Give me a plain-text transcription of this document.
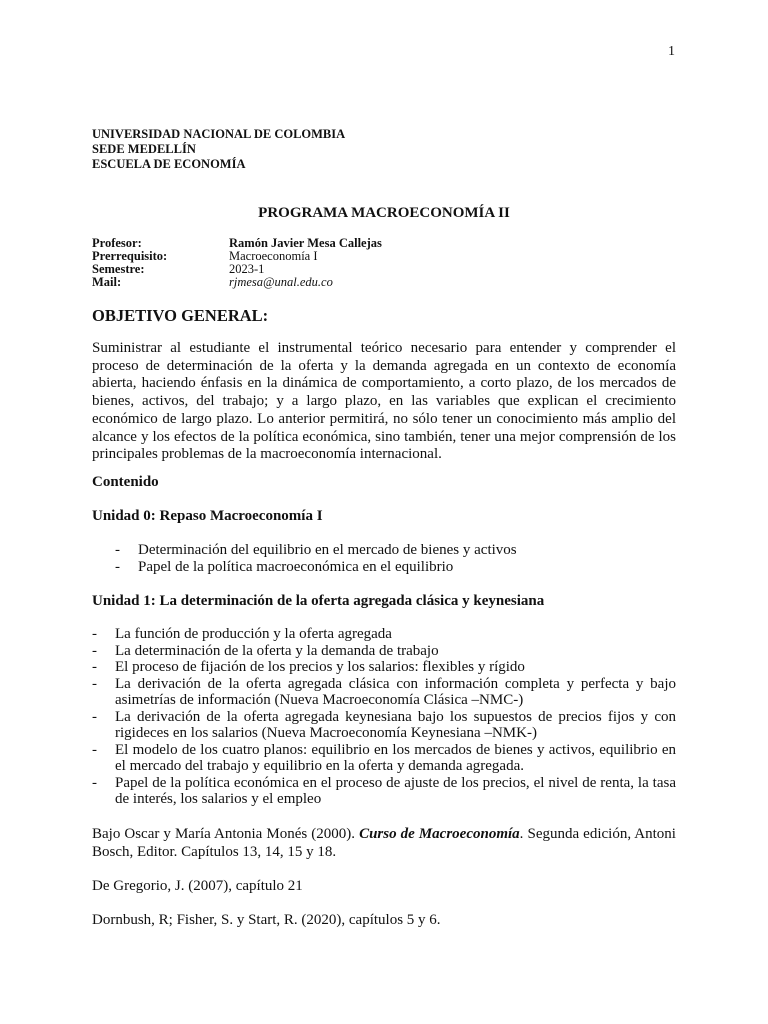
1
UNIVERSIDAD NACIONAL DE COLOMBIA
SEDE MEDELLÍN
ESCUELA DE ECONOMÍA
PROGRAMA MACROECONOMÍA II
Profesor:	Ramón Javier Mesa Callejas
Prerrequisito:	Macroeconomía I
Semestre:	2023-1
Mail:	rjmesa@unal.edu.co
OBJETIVO GENERAL:
Suministrar al estudiante el instrumental teórico necesario para entender y comprender el proceso de determinación de la oferta y la demanda agregada en un contexto de economía abierta, haciendo énfasis en la dinámica de comportamiento, a corto plazo, de los mercados de bienes, activos, del trabajo; y a largo plazo, en las variables que explican el crecimiento económico de largo plazo. Lo anterior permitirá, no sólo tener un conocimiento más amplio del alcance y los efectos de la política económica, sino también, tener una mejor comprensión de los principales problemas de la macroeconomía internacional.
Contenido
Unidad 0: Repaso Macroeconomía I
- Determinación del equilibrio en el mercado de bienes y activos
- Papel de la política macroeconómica en el equilibrio
Unidad 1: La determinación de la oferta agregada clásica y keynesiana
- La función de producción y la oferta agregada
- La determinación de la oferta y la demanda de trabajo
- El proceso de fijación de los precios y los salarios: flexibles y rígido
- La derivación de la oferta agregada clásica con información completa y perfecta y bajo asimetrías de información (Nueva Macroeconomía Clásica –NMC-)
- La derivación de la oferta agregada keynesiana bajo los supuestos de precios fijos y con rigideces en los salarios (Nueva Macroeconomía Keynesiana –NMK-)
- El modelo de los cuatro planos: equilibrio en los mercados de bienes y activos, equilibrio en el mercado del trabajo y equilibrio en la oferta y demanda agregada.
- Papel de la política económica en el proceso de ajuste de los precios, el nivel de renta, la tasa de interés, los salarios y el empleo
Bajo Oscar y María Antonia Monés (2000). Curso de Macroeconomía. Segunda edición, Antoni Bosch, Editor. Capítulos 13, 14, 15 y 18.
De Gregorio, J. (2007), capítulo 21
Dornbush, R; Fisher, S. y Start, R. (2020), capítulos 5 y 6.
